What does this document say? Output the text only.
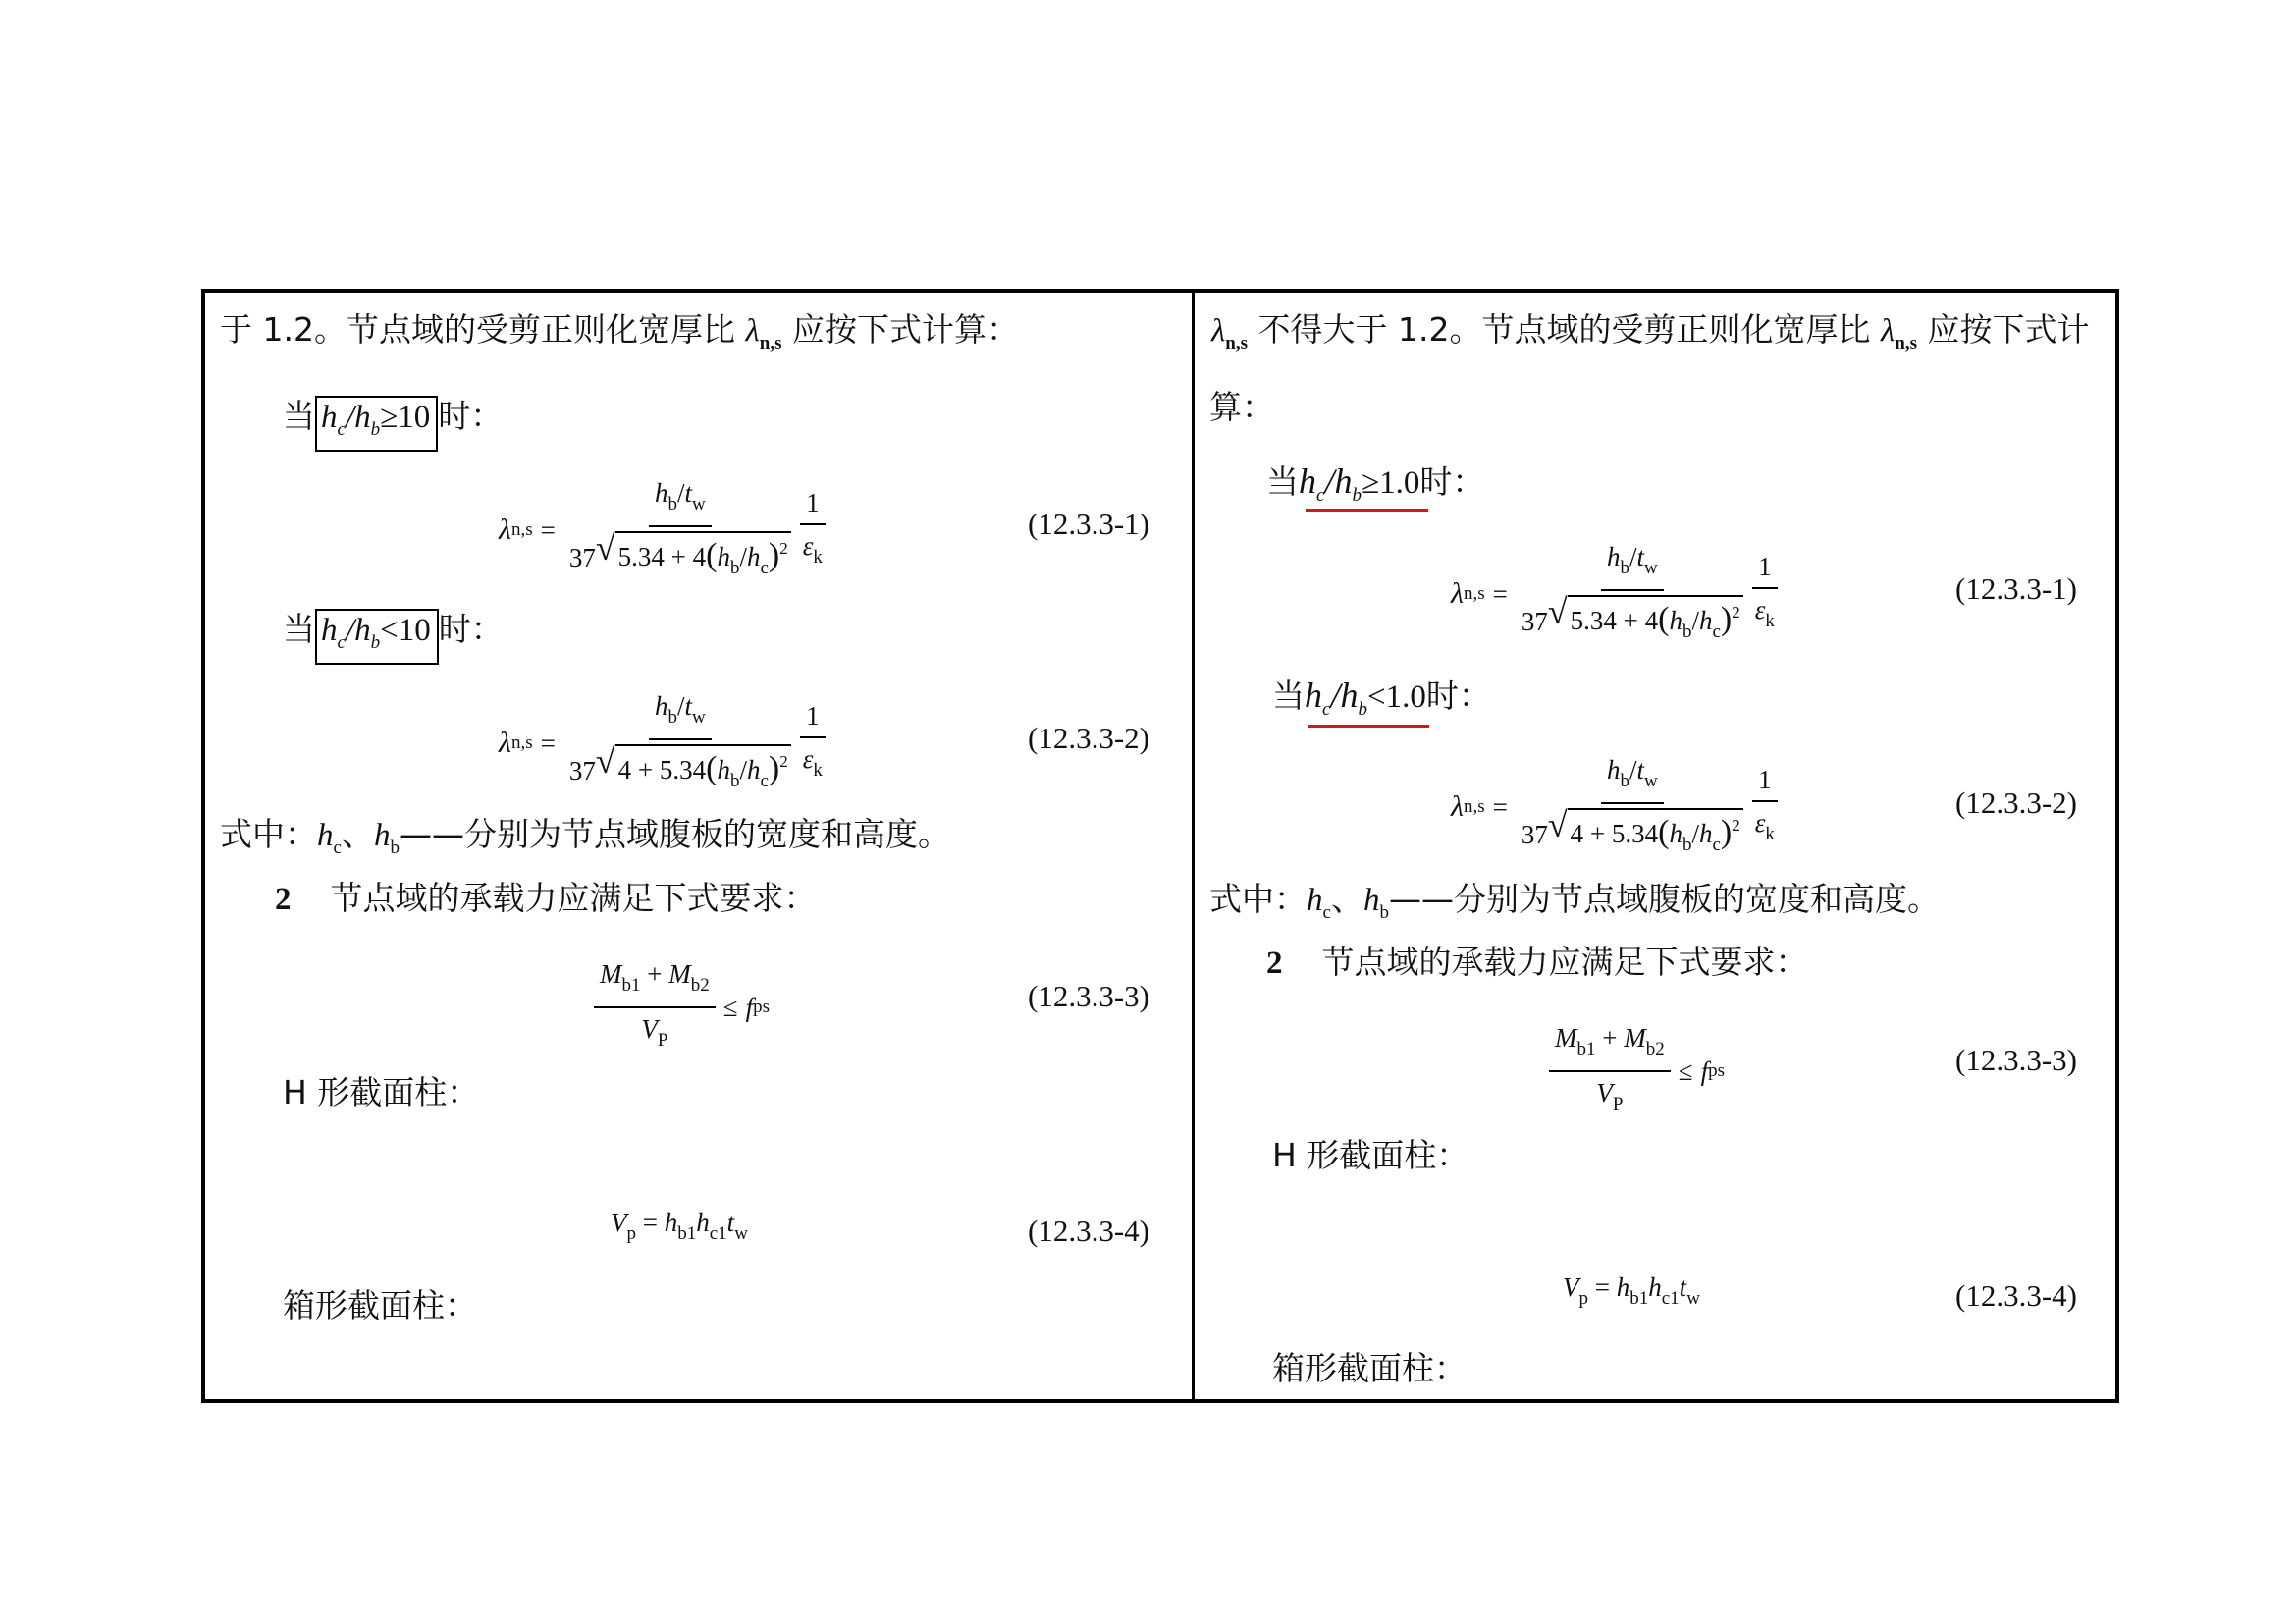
于 1.2。节点域的受剪正则化宽厚比 $\lambda_{n,s}$ 应按下式计算：
当 $h_c/h_b\ge 10$ 时：
λ $n,s = \frac{h_b/t_w}{37 √ 5.34 + 4(h_b/h_c)^2} \frac{1}{\varepsilon_k}$	(12.3.3-1)
当 $h_c/h_b<10$ 时：
λ $n,s = \frac{h_b/t_w}{37 √ 4 + 5.34(h_b/h_c)^2} \frac{1}{\varepsilon_k}$	(12.3.3-2)
式中：$h_c$、$h_b——$分别为节点域腹板的宽度和高度。
2 节点域的承载力应满足下式要求：
$\frac{M_{b1} + M_{b2}}{V_P} \le f$ ps	(12.3.3-3)
H 形截面柱：
$V_p = h_{b1}h_{c1}t_w$	(12.3.3-4)
箱形截面柱：
$\lambda_{n,s}$ 不得大于 1.2。节点域的受剪正则化宽厚比 $\lambda_{n,s}$ 应按下式计
算：
当$h_c/h_b\ge 1.0$时：
λ $n,s = \frac{h_b/t_w}{37 √ 5.34 + 4(h_b/h_c)^2} \frac{1}{\varepsilon_k}$	(12.3.3-1)
当$h_c/h_b<1.0$时：
λ $n,s = \frac{h_b/t_w}{37 √ 4 + 5.34(h_b/h_c)^2} \frac{1}{\varepsilon_k}$	(12.3.3-2)
式中：$h_c$、$h_b——$分别为节点域腹板的宽度和高度。
2 节点域的承载力应满足下式要求：
$\frac{M_{b1} + M_{b2}}{V_P} \le f$ ps	(12.3.3-3)
H 形截面柱：
$V_p = h_{b1}h_{c1}t_w$	(12.3.3-4)
箱形截面柱：
